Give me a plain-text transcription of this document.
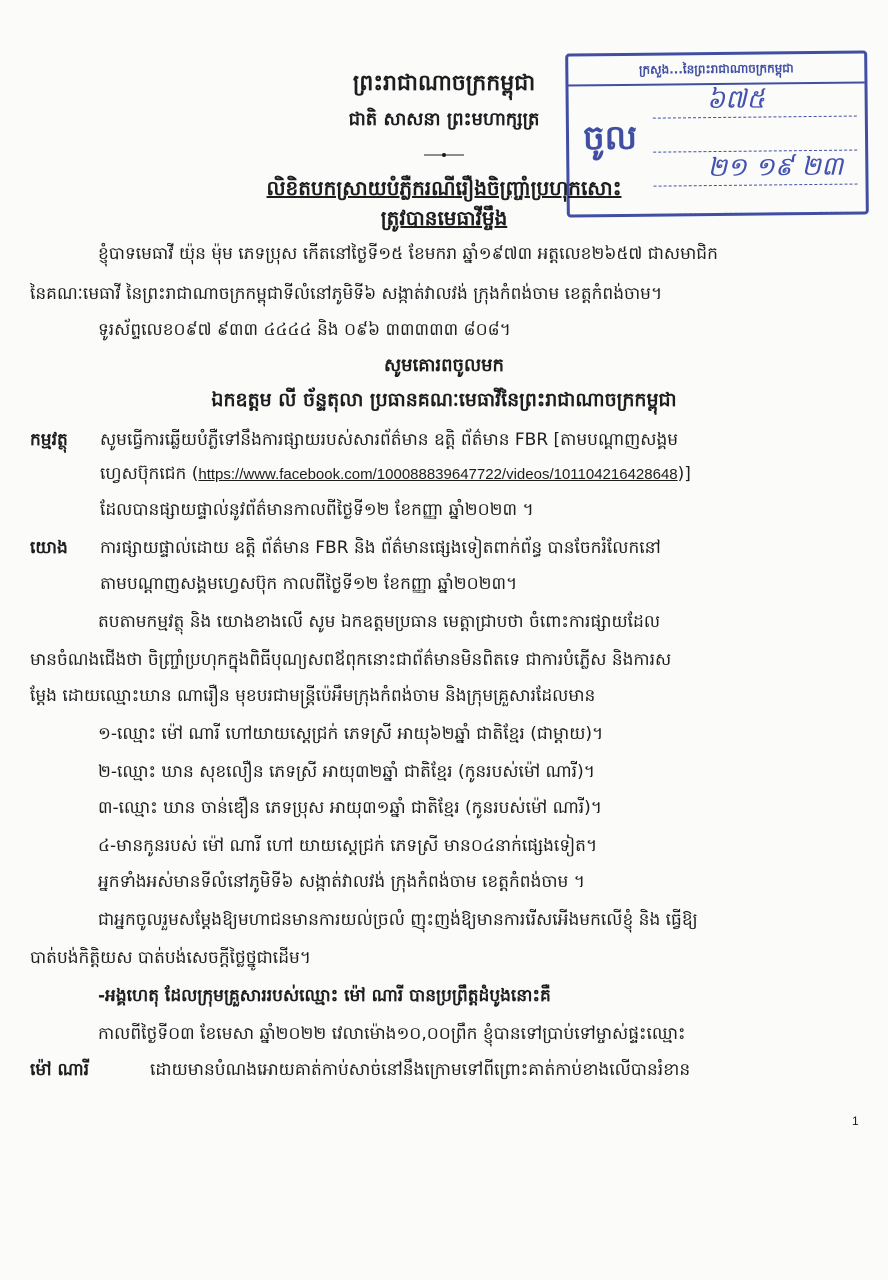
ព្រះរាជាណាចក្រកម្ពុជា
ជាតិ សាសនា ព្រះមហាក្សត្រ
ក្រសួង...នៃព្រះរាជាណាចក្រកម្ពុជា
ចូល
៦៧៥
២១ ១៩ ២៣
លិខិតបកស្រាយបំភ្លឺករណីរឿងចិញ្ច្រាំប្រហុកសោះ
ត្រូវបានមេធាវីម្ចឹង
ខ្ញុំបាទមេធាវី យ៉ុន ម៉ុម ភេទប្រុស កើតនៅថ្ងៃទី១៥ ខែមករា ឆ្នាំ១៩៧៣ អត្តលេខ២៦៥៧ ជាសមាជិក
នៃគណៈមេធាវី នៃព្រះរាជាណាចក្រកម្ពុជាទីលំនៅភូមិទី៦ សង្កាត់វាលវង់ ក្រុងកំពង់ចាម ខេត្តកំពង់ចាម។
ទូរស័ព្ទលេខ០៩៧ ៩៣៣ ៤៤៤៤ និង ០៩៦ ៣៣៣៣៣ ៨០៨។
សូមគោរពចូលមក
ឯកឧត្តម លី ច័ន្ទតុលា ប្រធានគណៈមេធាវីនៃព្រះរាជាណាចក្រកម្ពុជា
កម្មវត្ថុ សូមធ្វើការឆ្លើយបំភ្លឺទៅនឹងការផ្សាយរបស់សារព័ត៌មាន ឧត្តិ ព័ត៌មាន FBR [តាមបណ្តាញសង្គម
ហ្វេសប៊ុកជេក (https://www.facebook.com/100088839647722/videos/101104216428648)]
ដែលបានផ្សាយផ្ទាល់នូវព័ត៌មានកាលពីថ្ងៃទី១២ ខែកញ្ញា ឆ្នាំ២០២៣ ។
យោង ការផ្សាយផ្ទាល់ដោយ ឧត្តិ ព័ត៌មាន FBR និង ព័ត៌មានផ្សេងទៀតពាក់ព័ន្ធ បានចែករំលែកនៅ
តាមបណ្តាញសង្គមហ្វេសប៊ុក កាលពីថ្ងៃទី១២ ខែកញ្ញា ឆ្នាំ២០២៣។
តបតាមកម្មវត្ថុ និង យោងខាងលើ សូម ឯកឧត្តមប្រធាន មេត្តាជ្រាបថា ចំពោះការផ្សាយដែល
មានចំណងជើងថា ចិញ្ច្រាំប្រហុកក្នុងពិធីបុណ្យសពឪពុកនោះជាព័ត៌មានមិនពិតទេ ជាការបំភ្លើស និងការស
ម្តែង ដោយឈ្មោះឃាន ណារឿន មុខបរជាមន្ត្រីប៉េអឹមក្រុងកំពង់ចាម និងក្រុមគ្រួសារដែលមាន
១-ឈ្មោះ ម៉ៅ ណារី ហៅយាយស្តេជ្រក់ ភេទស្រី អាយុ៦២ឆ្នាំ ជាតិខ្មែរ (ជាម្តាយ)។
២-ឈ្មោះ ឃាន សុខលឿន ភេទស្រី អាយុ៣២ឆ្នាំ ជាតិខ្មែរ (កូនរបស់ម៉ៅ ណារី)។
៣-ឈ្មោះ ឃាន ចាន់ឌឿន ភេទប្រុស អាយុ៣១ឆ្នាំ ជាតិខ្មែរ (កូនរបស់ម៉ៅ ណារី)។
៤-មានកូនរបស់ ម៉ៅ ណារី ហៅ យាយស្តេជ្រក់ ភេទស្រី មាន០៤នាក់ផ្សេងទៀត។
អ្នកទាំងអស់មានទីលំនៅភូមិទី៦ សង្កាត់វាលវង់ ក្រុងកំពង់ចាម ខេត្តកំពង់ចាម ។
ជាអ្នកចូលរួមសម្តែងឱ្យមហាជនមានការយល់ច្រលំ ញុះញង់ឱ្យមានការរើសអើងមកលើខ្ញុំ និង ធ្វើឱ្យ
បាត់បង់កិត្តិយស បាត់បង់សេចក្តីថ្លៃថ្នូជាដើម។
-អង្គហេតុ ដែលក្រុមគ្រួសាររបស់ឈ្មោះ ម៉ៅ ណារី បានប្រព្រឹត្តដំបូងនោះគឺ
កាលពីថ្ងៃទី០៣ ខែមេសា ឆ្នាំ២០២២ វេលាម៉ោង១០,០០ព្រឹក ខ្ញុំបានទៅប្រាប់ទៅម្ចាស់ផ្ទះឈ្មោះ
ម៉ៅ ណារី	ដោយមានបំណងអោយគាត់កាប់សាច់នៅនឹងក្រោមទៅពីព្រោះគាត់កាប់ខាងលើបានរំខាន
1
